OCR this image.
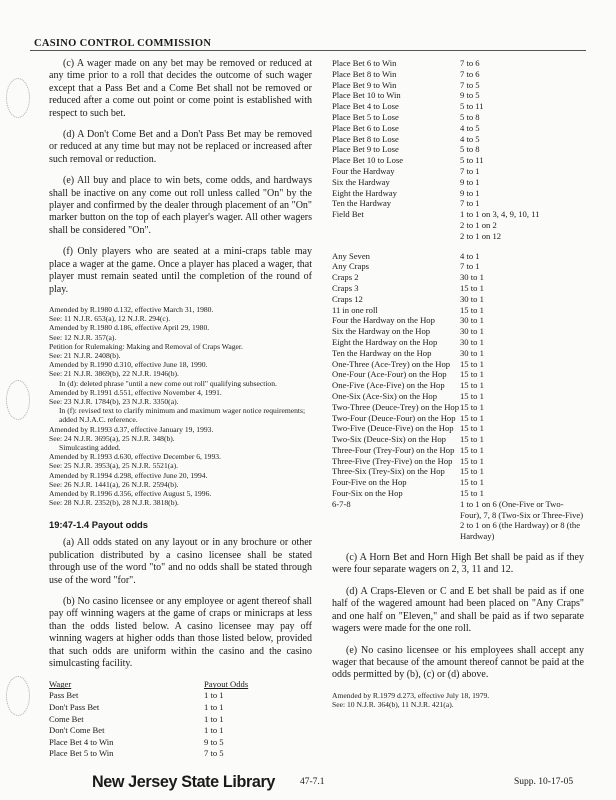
CASINO CONTROL COMMISSION

(c) A wager made on any bet may be removed or reduced at any time prior to a roll that decides the outcome of such wager except that a Pass Bet and a Come Bet shall not be removed or reduced after a come out point or come point is established with respect to such bet.

(d) A Don't Come Bet and a Don't Pass Bet may be removed or reduced at any time but may not be replaced or increased after such removal or reduction.

(e) All buy and place to win bets, come odds, and hardways shall be inactive on any come out roll unless called "On" by the player and confirmed by the dealer through placement of an "On" marker button on the top of each player's wager. All other wagers shall be considered "On".

(f) Only players who are seated at a mini-craps table may place a wager at the game. Once a player has placed a wager, that player must remain seated until the completion of the round of play.

Amended by R.1980 d.132, effective March 31, 1980.
See: 11 N.J.R. 653(a), 12 N.J.R. 294(c).
Amended by R.1980 d.186, effective April 29, 1980.
See: 12 N.J.R. 357(a).
Petition for Rulemaking: Making and Removal of Craps Wager.
See: 21 N.J.R. 2408(b).
Amended by R.1990 d.310, effective June 18, 1990.
See: 21 N.J.R. 3869(b), 22 N.J.R. 1946(b).
In (d): deleted phrase "until a new come out roll" qualifying subsection.
Amended by R.1991 d.551, effective November 4, 1991.
See: 23 N.J.R. 1784(b), 23 N.J.R. 3350(a).
In (f): revised text to clarify minimum and maximum wager notice requirements; added N.J.A.C. reference.
Amended by R.1993 d.37, effective January 19, 1993.
See: 24 N.J.R. 3695(a), 25 N.J.R. 348(b).
Simulcasting added.
Amended by R.1993 d.630, effective December 6, 1993.
See: 25 N.J.R. 3953(a), 25 N.J.R. 5521(a).
Amended by R.1994 d.298, effective June 20, 1994.
See: 26 N.J.R. 1441(a), 26 N.J.R. 2594(b).
Amended by R.1996 d.356, effective August 5, 1996.
See: 28 N.J.R. 2352(b), 28 N.J.R. 3818(b).
19:47-1.4 Payout odds

(a) All odds stated on any layout or in any brochure or other publication distributed by a casino licensee shall be stated through use of the word "to" and no odds shall be stated through use of the word "for".

(b) No casino licensee or any employee or agent thereof shall pay off winning wagers at the game of craps or minicraps at less than the odds listed below. A casino licensee may pay off winning wagers at higher odds than those listed below, provided that such odds are uniform within the casino and the casino simulcasting facility.

Wager	Payout Odds
Pass Bet	1 to 1
Don't Pass Bet	1 to 1
Come Bet	1 to 1
Don't Come Bet	1 to 1
Place Bet 4 to Win	9 to 5
Place Bet 5 to Win	7 to 5
Place Bet 6 to Win	7 to 6
Place Bet 8 to Win	7 to 6
Place Bet 9 to Win	7 to 5
Place Bet 10 to Win	9 to 5
Place Bet 4 to Lose	5 to 11
Place Bet 5 to Lose	5 to 8
Place Bet 6 to Lose	4 to 5
Place Bet 8 to Lose	4 to 5
Place Bet 9 to Lose	5 to 8
Place Bet 10 to Lose	5 to 11
Four the Hardway	7 to 1
Six the Hardway	9 to 1
Eight the Hardway	9 to 1
Ten the Hardway	7 to 1
Field Bet	1 to 1 on 3, 4, 9, 10, 11
2 to 1 on 2
2 to 1 on 12
Any Seven	4 to 1
Any Craps	7 to 1
Craps 2	30 to 1
Craps 3	15 to 1
Craps 12	30 to 1
11 in one roll	15 to 1
Four the Hardway on the Hop	30 to 1
Six the Hardway on the Hop	30 to 1
Eight the Hardway on the Hop	30 to 1
Ten the Hardway on the Hop	30 to 1
One-Three (Ace-Trey) on the Hop	15 to 1
One-Four (Ace-Four) on the Hop	15 to 1
One-Five (Ace-Five) on the Hop	15 to 1
One-Six (Ace-Six) on the Hop	15 to 1
Two-Three (Deuce-Trey) on the Hop 15 to 1
Two-Four (Deuce-Four) on the Hop 15 to 1
Two-Five (Deuce-Five) on the Hop 15 to 1
Two-Six (Deuce-Six) on the Hop	15 to 1
Three-Four (Trey-Four) on the Hop 15 to 1
Three-Five (Trey-Five) on the Hop 15 to 1
Three-Six (Trey-Six) on the Hop	15 to 1
Four-Five on the Hop	15 to 1
Four-Six on the Hop	15 to 1
6-7-8	1 to 1 on 6 (One-Five or Two-Four), 7, 8 (Two-Six or Three-Five)
2 to 1 on 6 (the Hardway) or 8 (the Hardway)

(c) A Horn Bet and Horn High Bet shall be paid as if they were four separate wagers on 2, 3, 11 and 12.

(d) A Craps-Eleven or C and E bet shall be paid as if one half of the wagered amount had been placed on "Any Craps" and one half on "Eleven," and shall be paid as if two separate wagers were made for the one roll.

(e) No casino licensee or his employees shall accept any wager that because of the amount thereof cannot be paid at the odds permitted by (b), (c) or (d) above.

Amended by R.1979 d.273, effective July 18, 1979.
See: 10 N.J.R. 364(b), 11 N.J.R. 421(a).
New Jersey State Library	47-7.1	Supp. 10-17-05
